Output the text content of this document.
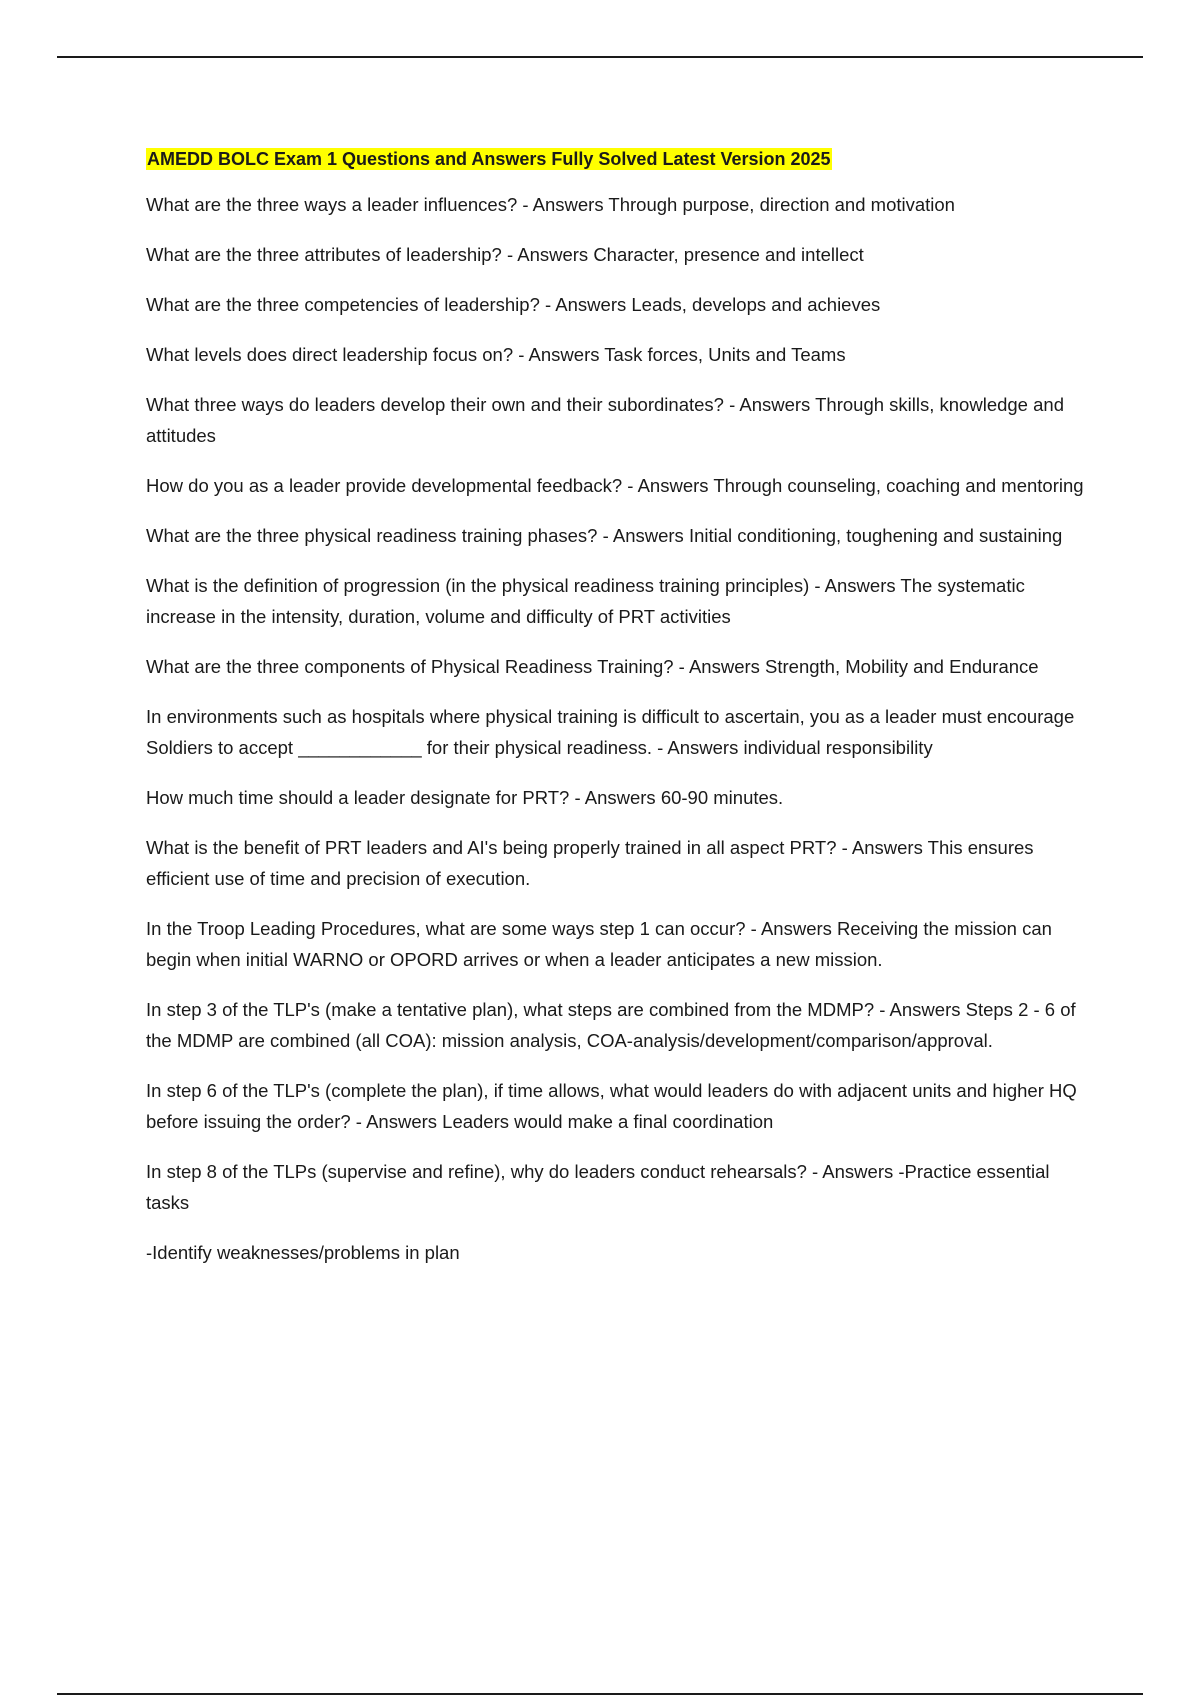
AMEDD BOLC Exam 1 Questions and Answers Fully Solved Latest Version 2025

What are the three ways a leader influences? - Answers Through purpose, direction and motivation

What are the three attributes of leadership? - Answers Character, presence and intellect

What are the three competencies of leadership? - Answers Leads, develops and achieves

What levels does direct leadership focus on? - Answers Task forces, Units and Teams

What three ways do leaders develop their own and their subordinates? - Answers Through skills, knowledge and attitudes

How do you as a leader provide developmental feedback? - Answers Through counseling, coaching and mentoring

What are the three physical readiness training phases? - Answers Initial conditioning, toughening and sustaining

What is the definition of progression (in the physical readiness training principles) - Answers The systematic increase in the intensity, duration, volume and difficulty of PRT activities

What are the three components of Physical Readiness Training? - Answers Strength, Mobility and Endurance

In environments such as hospitals where physical training is difficult to ascertain, you as a leader must encourage Soldiers to accept ____________ for their physical readiness. - Answers individual responsibility

How much time should a leader designate for PRT? - Answers 60-90 minutes.

What is the benefit of PRT leaders and AI's being properly trained in all aspect PRT? - Answers This ensures efficient use of time and precision of execution.

In the Troop Leading Procedures, what are some ways step 1 can occur? - Answers Receiving the mission can begin when initial WARNO or OPORD arrives or when a leader anticipates a new mission.

In step 3 of the TLP's (make a tentative plan), what steps are combined from the MDMP? - Answers Steps 2 - 6 of the MDMP are combined (all COA): mission analysis, COA-analysis/development/comparison/approval.

In step 6 of the TLP's (complete the plan), if time allows, what would leaders do with adjacent units and higher HQ before issuing the order? - Answers Leaders would make a final coordination

In step 8 of the TLPs (supervise and refine), why do leaders conduct rehearsals? - Answers -Practice essential tasks

-Identify weaknesses/problems in plan
